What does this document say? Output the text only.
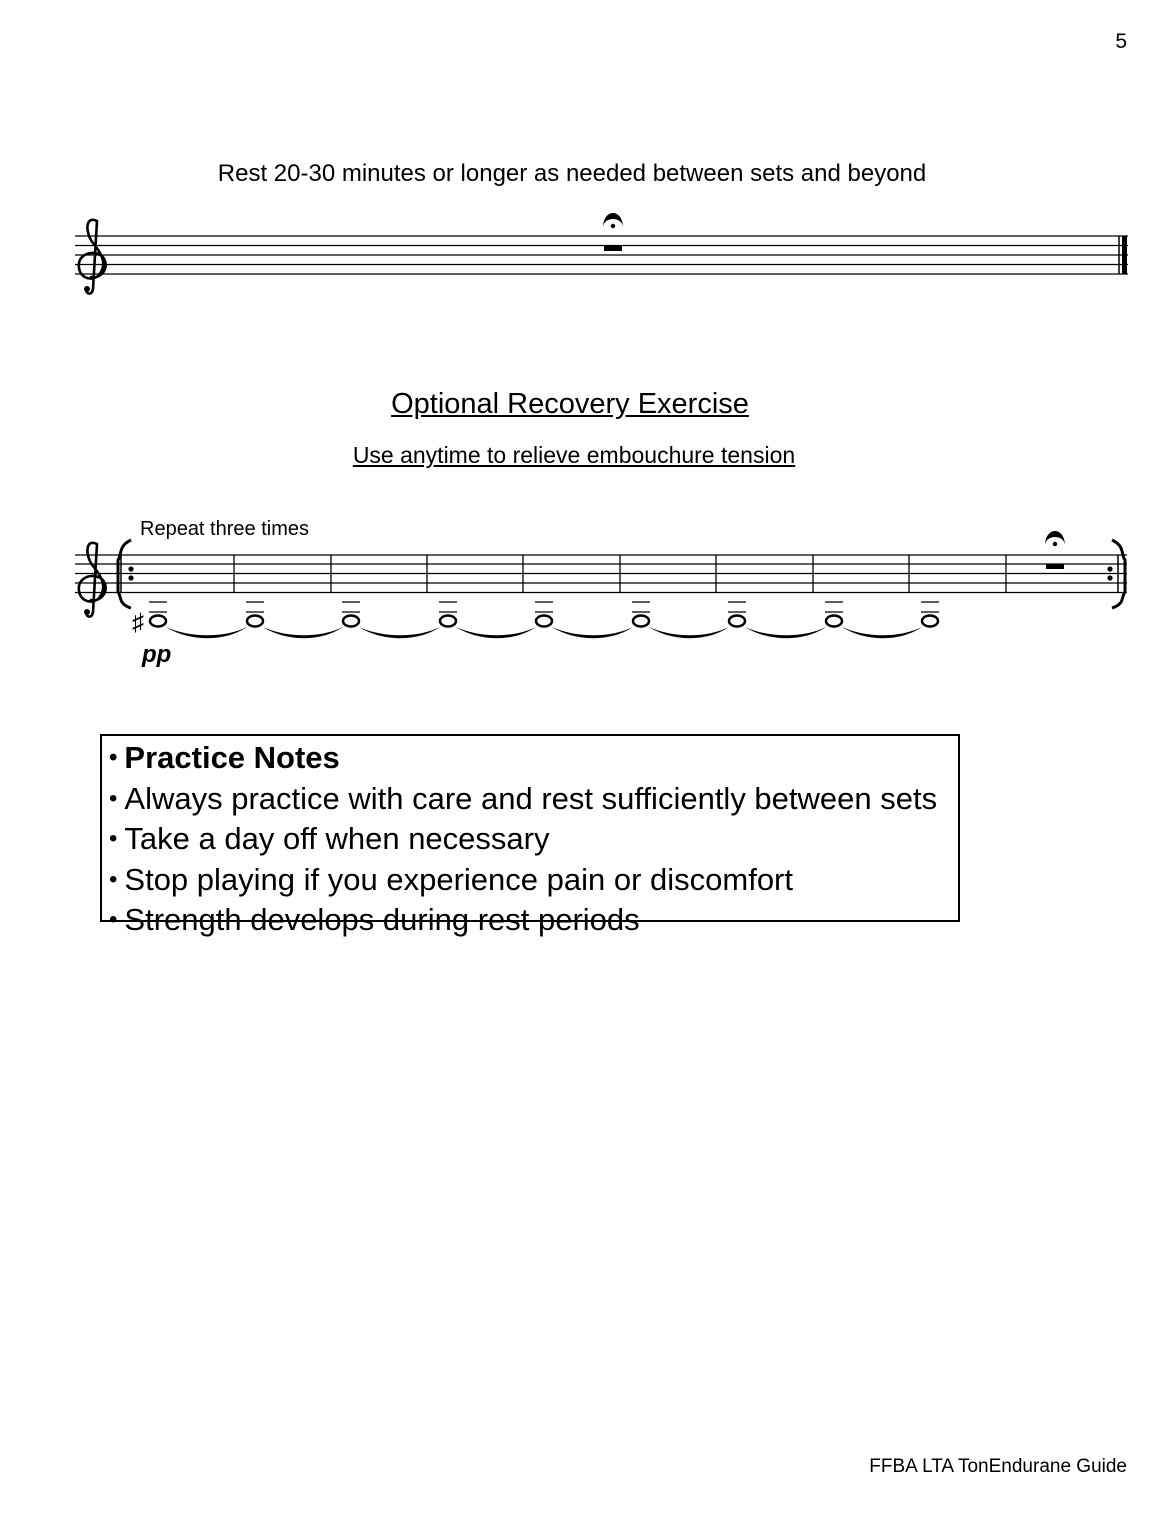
5
Rest 20-30 minutes or longer as needed between sets and beyond
Optional Recovery Exercise
Use anytime to relieve embouchure tension
Repeat three times
♯
pp
• Practice Notes
• Always practice with care and rest sufficiently between sets
• Take a day off when necessary
• Stop playing if you experience pain or discomfort
• Strength develops during rest periods
FFBA LTA TonEndurane Guide
